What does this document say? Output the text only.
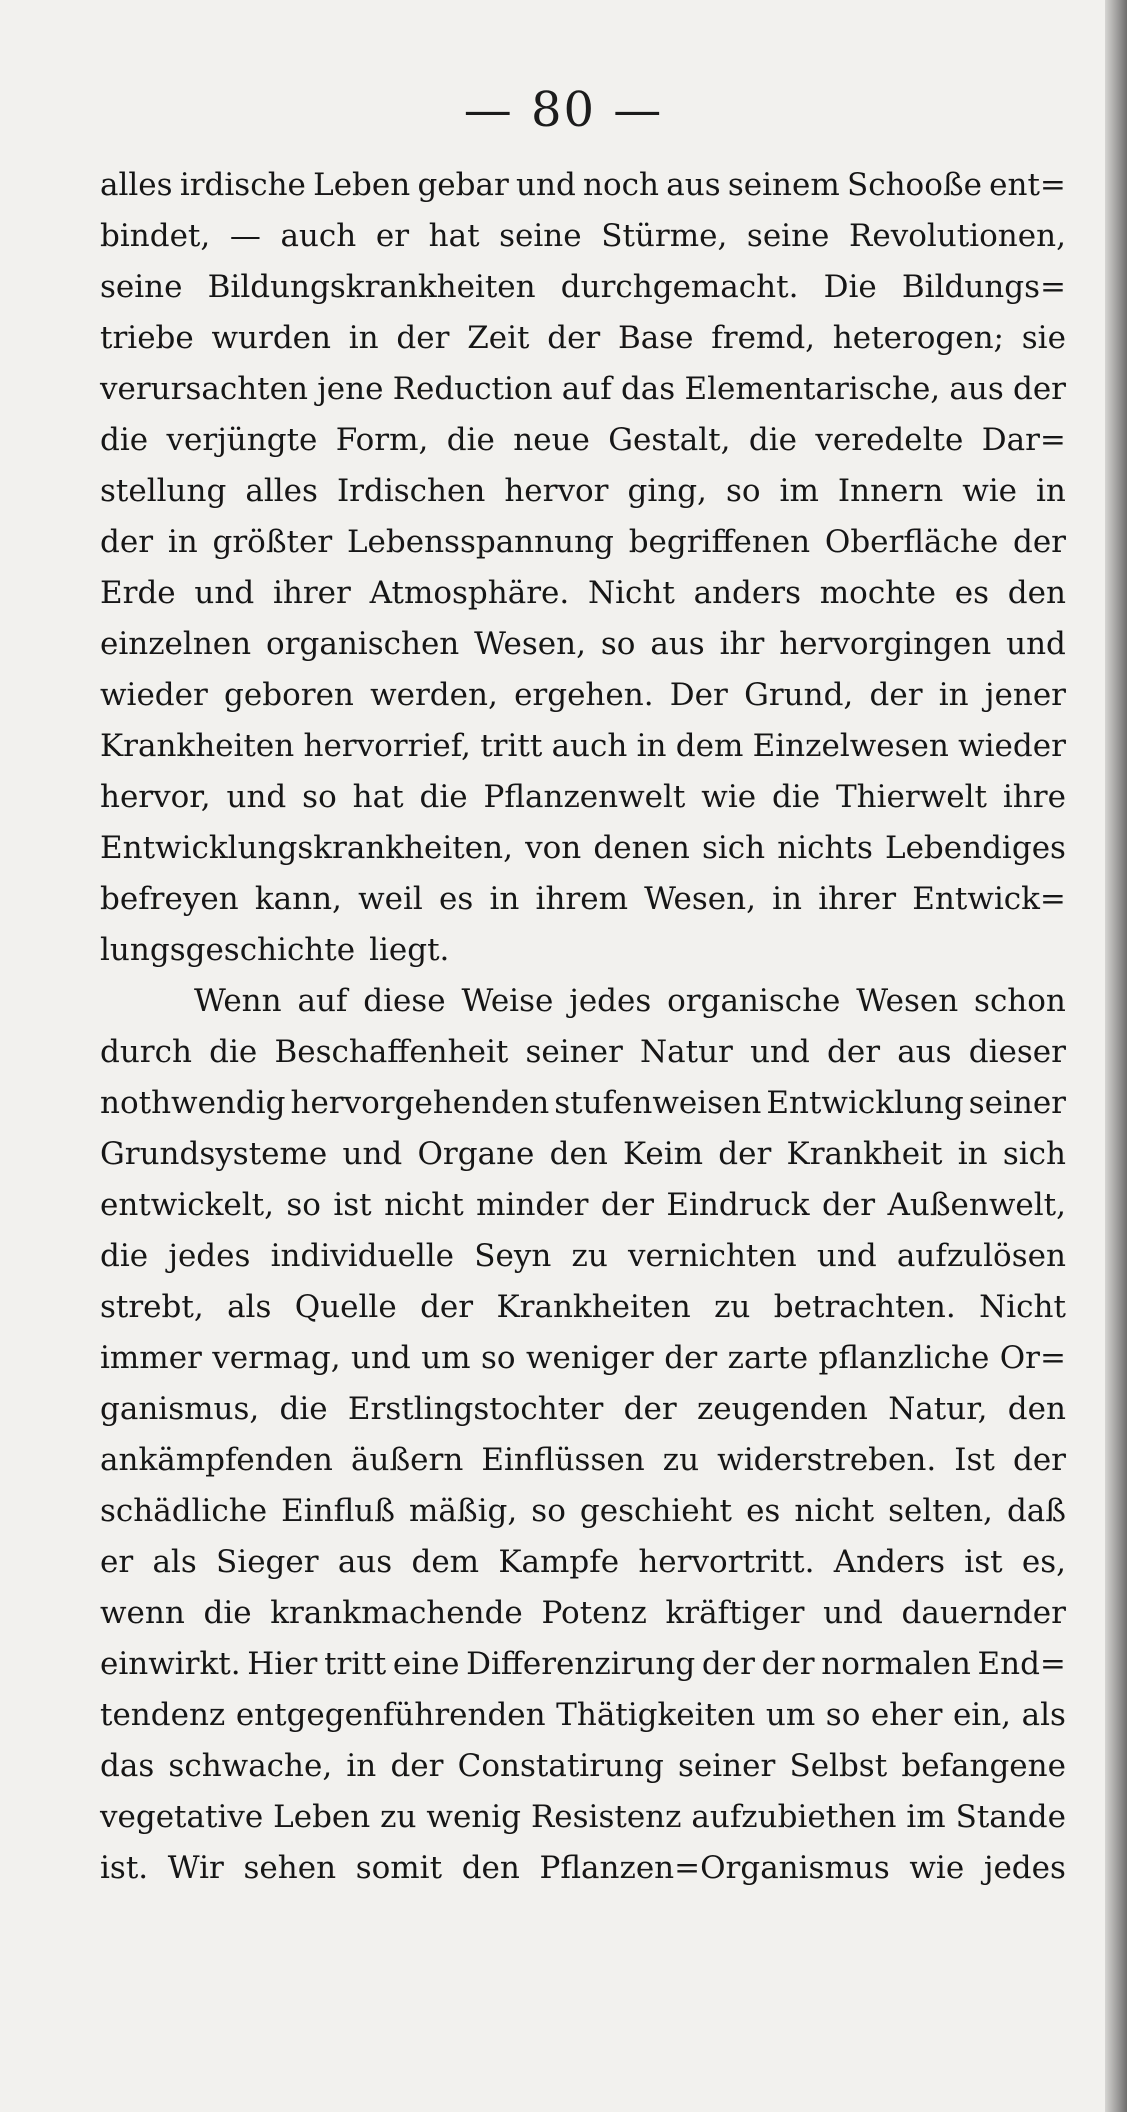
— 80 —
alles irdische Leben gebar und noch aus seinem Schooße ent=
bindet, — auch er hat seine Stürme, seine Revolutionen,
seine Bildungskrankheiten durchgemacht. Die Bildungs=
triebe wurden in der Zeit der Base fremd, heterogen; sie
verursachten jene Reduction auf das Elementarische, aus der
die verjüngte Form, die neue Gestalt, die veredelte Dar=
stellung alles Irdischen hervor ging, so im Innern wie in
der in größter Lebensspannung begriffenen Oberfläche der
Erde und ihrer Atmosphäre. Nicht anders mochte es den
einzelnen organischen Wesen, so aus ihr hervorgingen und
wieder geboren werden, ergehen. Der Grund, der in jener
Krankheiten hervorrief, tritt auch in dem Einzelwesen wieder
hervor, und so hat die Pflanzenwelt wie die Thierwelt ihre
Entwicklungskrankheiten, von denen sich nichts Lebendiges
befreyen kann, weil es in ihrem Wesen, in ihrer Entwick=
lungsgeschichte liegt.
Wenn auf diese Weise jedes organische Wesen schon
durch die Beschaffenheit seiner Natur und der aus dieser
nothwendig hervorgehenden stufenweisen Entwicklung seiner
Grundsysteme und Organe den Keim der Krankheit in sich
entwickelt, so ist nicht minder der Eindruck der Außenwelt,
die jedes individuelle Seyn zu vernichten und aufzulösen
strebt, als Quelle der Krankheiten zu betrachten. Nicht
immer vermag, und um so weniger der zarte pflanzliche Or=
ganismus, die Erstlingstochter der zeugenden Natur, den
ankämpfenden äußern Einflüssen zu widerstreben. Ist der
schädliche Einfluß mäßig, so geschieht es nicht selten, daß
er als Sieger aus dem Kampfe hervortritt. Anders ist es,
wenn die krankmachende Potenz kräftiger und dauernder
einwirkt. Hier tritt eine Differenzirung der der normalen End=
tendenz entgegenführenden Thätigkeiten um so eher ein, als
das schwache, in der Constatirung seiner Selbst befangene
vegetative Leben zu wenig Resistenz aufzubiethen im Stande
ist. Wir sehen somit den Pflanzen=Organismus wie jedes
